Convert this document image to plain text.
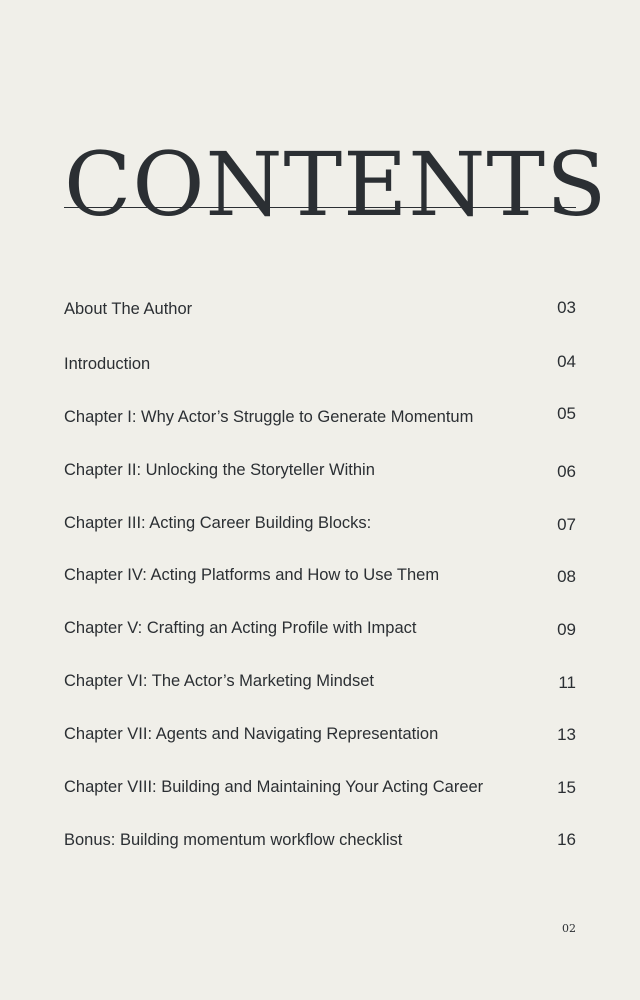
CONTENTS
About The Author	03
Introduction	04
Chapter I: Why Actor’s Struggle to Generate Momentum	05
Chapter II: Unlocking the Storyteller Within	06
Chapter III: Acting Career Building Blocks:	07
Chapter IV: Acting Platforms and How to Use Them	08
Chapter V: Crafting an Acting Profile with Impact	09
Chapter VI: The Actor’s Marketing Mindset	11
Chapter VII: Agents and Navigating Representation	13
Chapter VIII: Building and Maintaining Your Acting Career	15
Bonus: Building momentum workflow checklist	16
02
